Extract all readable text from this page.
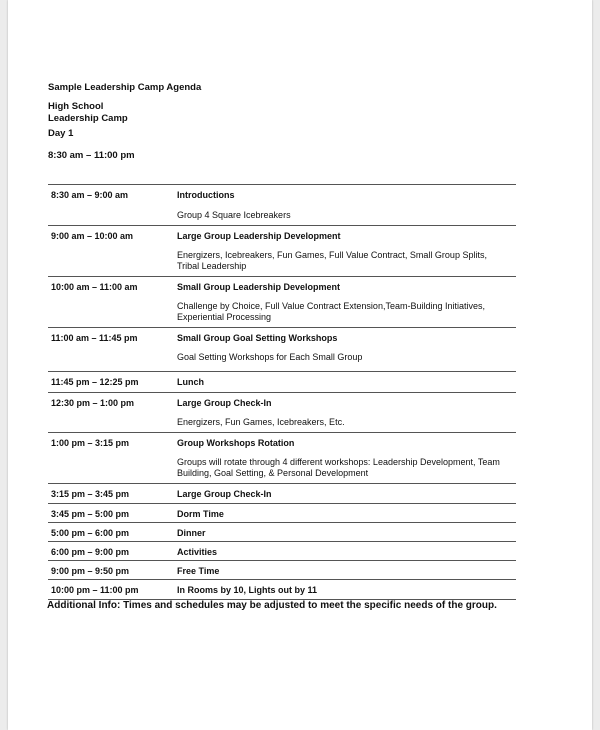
Sample Leadership Camp Agenda
High School
Leadership Camp
Day 1
8:30 am – 11:00 pm
8:30 am – 9:00 am	Introductions
Group 4 Square Icebreakers
9:00 am – 10:00 am	Large Group Leadership Development
Energizers, Icebreakers, Fun Games, Full Value Contract, Small Group Splits, Tribal Leadership
10:00 am – 11:00 am	Small Group Leadership Development
Challenge by Choice, Full Value Contract Extension,Team-Building Initiatives, Experiential Processing
11:00 am – 11:45 pm	Small Group Goal Setting Workshops
Goal Setting Workshops for Each Small Group
11:45 pm – 12:25 pm	Lunch
12:30 pm – 1:00 pm	Large Group Check-In
Energizers, Fun Games, Icebreakers, Etc.
1:00 pm – 3:15 pm	Group Workshops Rotation
Groups will rotate through 4 different workshops: Leadership Development, Team Building, Goal Setting, & Personal Development
3:15 pm – 3:45 pm	Large Group Check-In
3:45 pm – 5:00 pm	Dorm Time
5:00 pm – 6:00 pm	Dinner
6:00 pm – 9:00 pm	Activities
9:00 pm – 9:50 pm	Free Time
10:00 pm – 11:00 pm	In Rooms by 10, Lights out by 11
Additional Info: Times and schedules may be adjusted to meet the specific needs of the group.
